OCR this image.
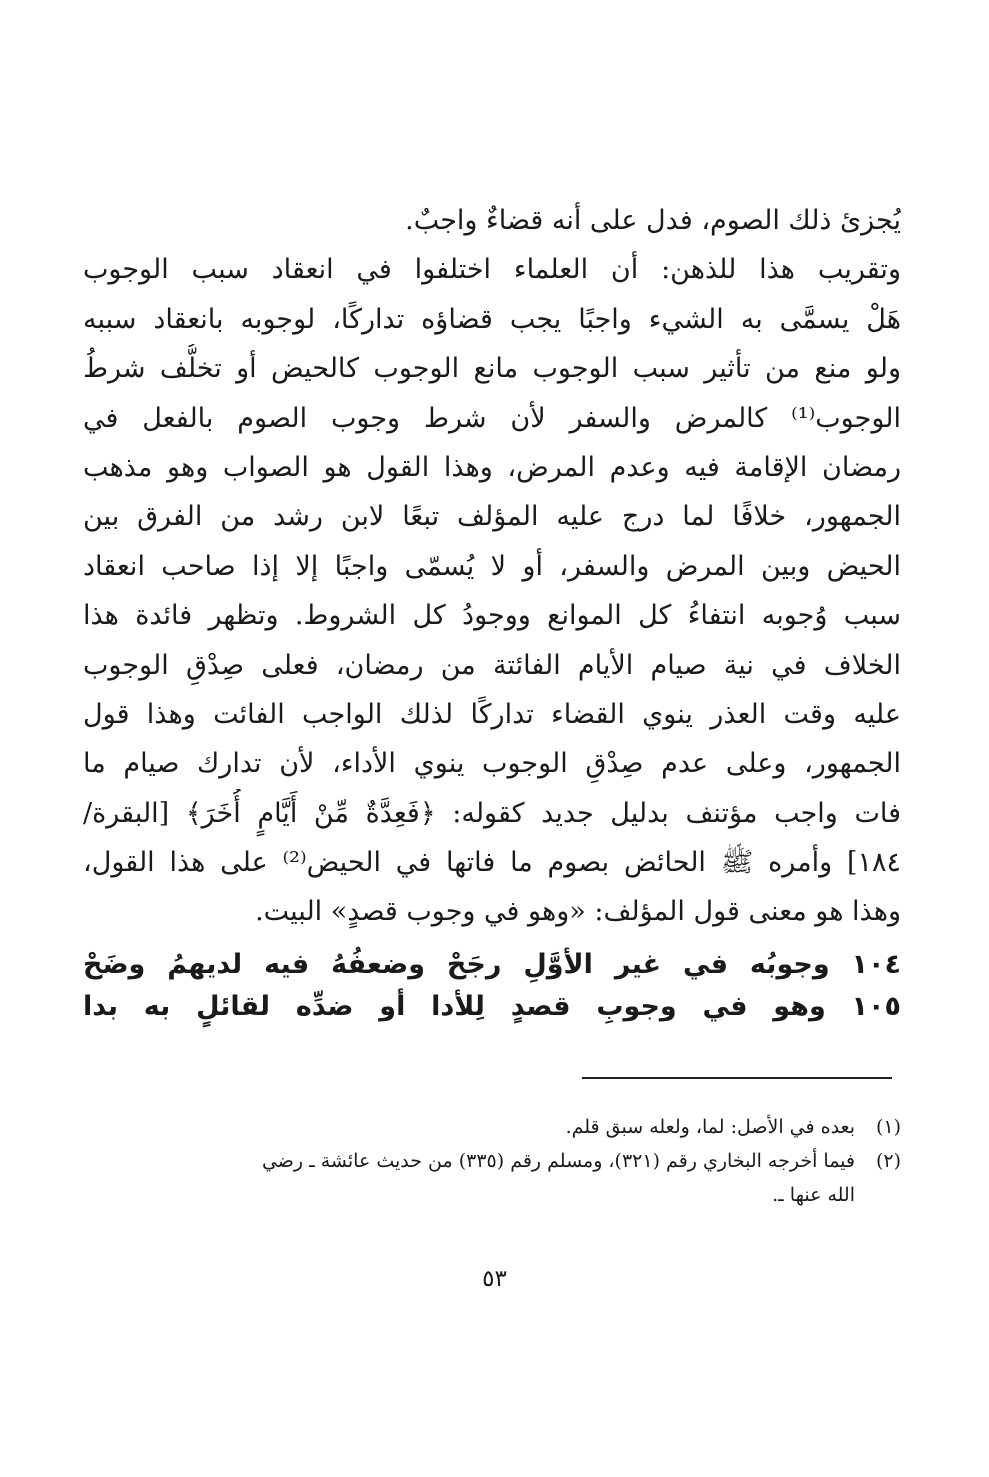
يُجزئ ذلك الصوم، فدل على أنه قضاءٌ واجبٌ.
وتقريب هذا للذهن: أن العلماء اختلفوا في انعقاد سبب الوجوب
هَلْ يسمَّى به الشيء واجبًا يجب قضاؤه تداركًا، لوجوبه بانعقاد سببه
ولو منع من تأثير سبب الوجوب مانع الوجوب كالحيض أو تخلُّف شرطُ
الوجوب⁽¹⁾ كالمرض والسفر لأن شرط وجوب الصوم بالفعل في
رمضان الإقامة فيه وعدم المرض، وهذا القول هو الصواب وهو مذهب
الجمهور، خلافًا لما درج عليه المؤلف تبعًا لابن رشد من الفرق بين
الحيض وبين المرض والسفر، أو لا يُسمّى واجبًا إلا إذا صاحب انعقاد
سبب وُجوبه انتفاءُ كل الموانع ووجودُ كل الشروط. وتظهر فائدة هذا
الخلاف في نية صيام الأيام الفائتة من رمضان، فعلى صِدْقِ الوجوب
عليه وقت العذر ينوي القضاء تداركًا لذلك الواجب الفائت وهذا قول
الجمهور، وعلى عدم صِدْقِ الوجوب ينوي الأداء، لأن تدارك صيام ما
فات واجب مؤتنف بدليل جديد كقوله: ﴿فَعِدَّةٌ مِّنْ أَيَّامٍ أُخَرَ﴾ [البقرة/
١٨٤] وأمره ﷺ الحائض بصوم ما فاتها في الحيض⁽²⁾ على هذا القول،
وهذا هو معنى قول المؤلف: «وهو في وجوب قصدٍ» البيت.
١٠٤ وجوبُه في غير الأوَّلِ رجَحْ وضعفُهُ فيه لديهمُ وضَحْ
١٠٥ وهو في وجوبِ قصدٍ لِلأدا أو ضدِّه لقائلٍ به بدا
(١)
بعده في الأصل: لما، ولعله سبق قلم.
(٢)
فيما أخرجه البخاري رقم (٣٢١)، ومسلم رقم (٣٣٥) من حديث عائشة ـ رضي
الله عنها ـ.
٥٣
